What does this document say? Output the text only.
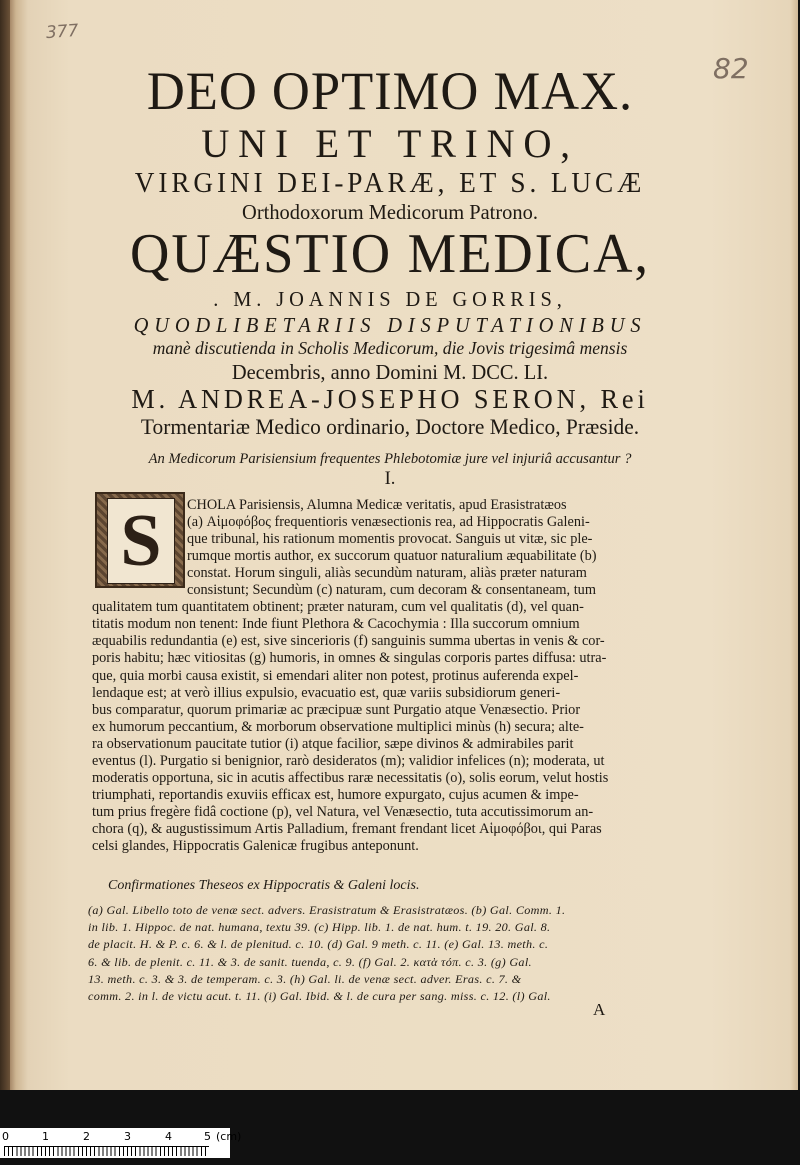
377
82
DEO OPTIMO MAX.
UNI ET TRINO,
VIRGINI DEI-PARÆ, ET S. LUCÆ
Orthodoxorum Medicorum Patrono.
QUÆSTIO MEDICA,
. M. JOANNIS DE GORRIS,
QUODLIBETARIIS DISPUTATIONIBUS
manè discutienda in Scholis Medicorum, die Jovis trigesimâ mensis
Decembris, anno Domini M. DCC. LI.
M. ANDREA-JOSEPHO SERON, Rei
Tormentariæ Medico ordinario, Doctore Medico, Præside.
An Medicorum Parisiensium frequentes Phlebotomiæ jure vel injuriâ accusantur ?
I.
S	CHOLA Parisiensis, Alumna Medicæ veritatis, apud Erasistratæos
(a) Αἱμοφόβος frequentioris venæsectionis rea, ad Hippocratis Galeni-
que tribunal, his rationum momentis provocat. Sanguis ut vitæ, sic ple-
rumque mortis author, ex succorum quatuor naturalium æquabilitate (b)
constat. Horum singuli, aliàs secundùm naturam, aliàs præter naturam
consistunt; Secundùm (c) naturam, cum decoram & consentaneam, tum
qualitatem tum quantitatem obtinent; præter naturam, cum vel qualitatis (d), vel quan-
titatis modum non tenent: Inde fiunt Plethora & Cacochymia : Illa succorum omnium
æquabilis redundantia (e) est, sive sincerioris (f) sanguinis summa ubertas in venis & cor-
poris habitu; hæc vitiositas (g) humoris, in omnes & singulas corporis partes diffusa: utra-
que, quia morbi causa existit, si emendari aliter non potest, protinus auferenda expel-
lendaque est; at verò illius expulsio, evacuatio est, quæ variis subsidiorum generi-
bus comparatur, quorum primariæ ac præcipuæ sunt Purgatio atque Venæsectio. Prior
ex humorum peccantium, & morborum observatione multiplici minùs (h) secura; alte-
ra observationum paucitate tutior (i) atque facilior, sæpe divinos & admirabiles parit
eventus (l). Purgatio si benignior, rarò desideratos (m); validior infelices (n); moderata, ut
moderatis opportuna, sic in acutis affectibus raræ necessitatis (o), solis eorum, velut hostis
triumphati, reportandis exuviis efficax est, humore expurgato, cujus acumen & impe-
tum prius fregère fidâ coctione (p), vel Natura, vel Venæsectio, tuta accutissimorum an-
chora (q), & augustissimum Artis Palladium, fremant frendant licet Αἱμοφόβοι, qui Paras
celsi glandes, Hippocratis Galenicæ frugibus anteponunt.
Confirmationes Theseos ex Hippocratis & Galeni locis.
(a) Gal. Libello toto de venæ sect. advers. Erasistratum & Erasistratæos. (b) Gal. Comm. 1.
in lib. 1. Hippoc. de nat. humana, textu 39. (c) Hipp. lib. 1. de nat. hum. t. 19. 20. Gal. 8.
de placit. H. & P. c. 6. & l. de plenitud. c. 10. (d) Gal. 9 meth. c. 11. (e) Gal. 13. meth. c.
6. & lib. de plenit. c. 11. & 3. de sanit. tuenda, c. 9. (f) Gal. 2. κατὰ τόπ. c. 3. (g) Gal.
13. meth. c. 3. & 3. de temperam. c. 3. (h) Gal. li. de venæ sect. adver. Eras. c. 7. &
comm. 2. in l. de victu acut. t. 11. (i) Gal. Ibid. & l. de cura per sang. miss. c. 12. (l) Gal.
A
0	1	2	3	4	5 (cm)
